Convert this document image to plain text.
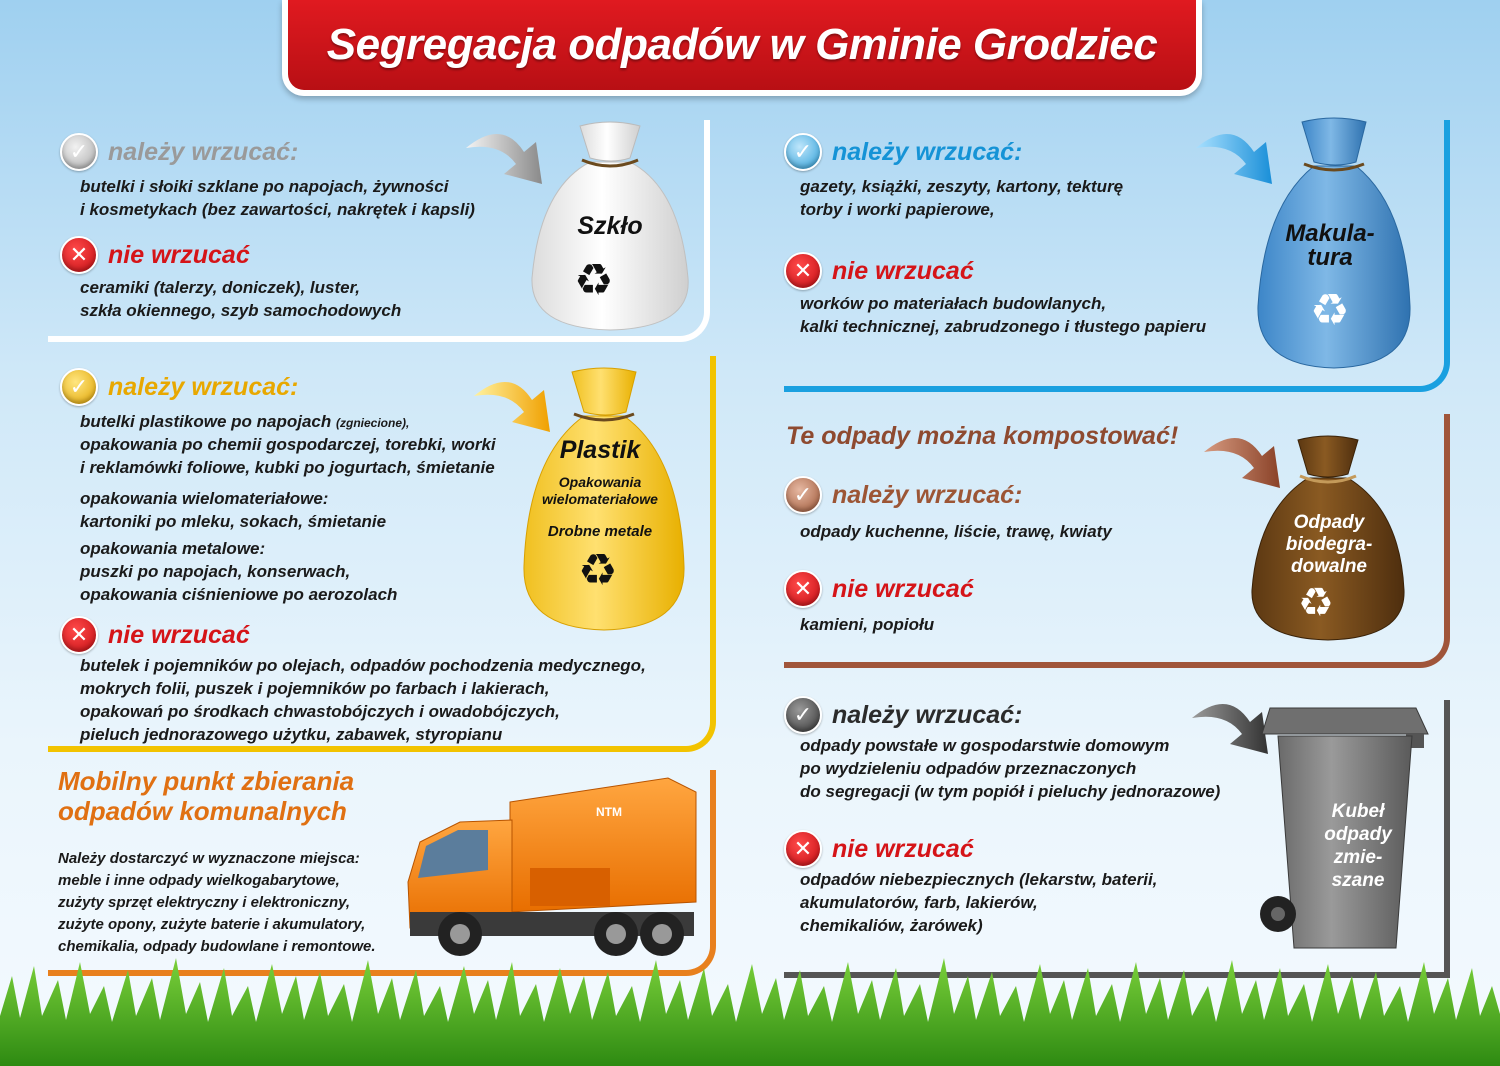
Segregacja odpadów w Gminie Grodziec
✓ należy wrzucać:
butelki i słoiki szklane po napojach, żywności
i kosmetykach (bez zawartości, nakrętek i kapsli)
✕ nie wrzucać
ceramiki (talerzy, doniczek), luster,
szkła okiennego, szyb samochodowych
Szkło
♻
✓ należy wrzucać:
butelki plastikowe po napojach (zgniecione),
opakowania po chemii gospodarczej, torebki, worki
i reklamówki foliowe, kubki po jogurtach, śmietanie
opakowania wielomateriałowe:
kartoniki po mleku, sokach, śmietanie
opakowania metalowe:
puszki po napojach, konserwach,
opakowania ciśnieniowe po aerozolach
✕ nie wrzucać
butelek i pojemników po olejach, odpadów pochodzenia medycznego,
mokrych folii, puszek i pojemników po farbach i lakierach,
opakowań po środkach chwastobójczych i owadobójczych,
pieluch jednorazowego użytku, zabawek, styropianu
Plastik
Opakowania
wielomateriałowe
Drobne metale
♻
Mobilny punkt zbierania
odpadów komunalnych
Należy dostarczyć w wyznaczone miejsca:
meble i inne odpady wielkogabarytowe,
zużyty sprzęt elektryczny i elektroniczny,
zużyte opony, zużyte baterie i akumulatory,
chemikalia, odpady budowlane i remontowe.
NTM
✓ należy wrzucać:
gazety, książki, zeszyty, kartony, tekturę
torby i worki papierowe,
✕ nie wrzucać
worków po materiałach budowlanych,
kalki technicznej, zabrudzonego i tłustego papieru
Makula-
tura
♻
Te odpady można kompostować!
✓ należy wrzucać:
odpady kuchenne, liście, trawę, kwiaty
✕ nie wrzucać
kamieni, popiołu
Odpady
biodegra-
dowalne
♻
✓ należy wrzucać:
odpady powstałe w gospodarstwie domowym
po wydzieleniu odpadów przeznaczonych
do segregacji (w tym popiół i pieluchy jednorazowe)
✕ nie wrzucać
odpadów niebezpiecznych (lekarstw, baterii,
akumulatorów, farb, lakierów,
chemikaliów, żarówek)
Kubeł
odpady
zmie-
szane
